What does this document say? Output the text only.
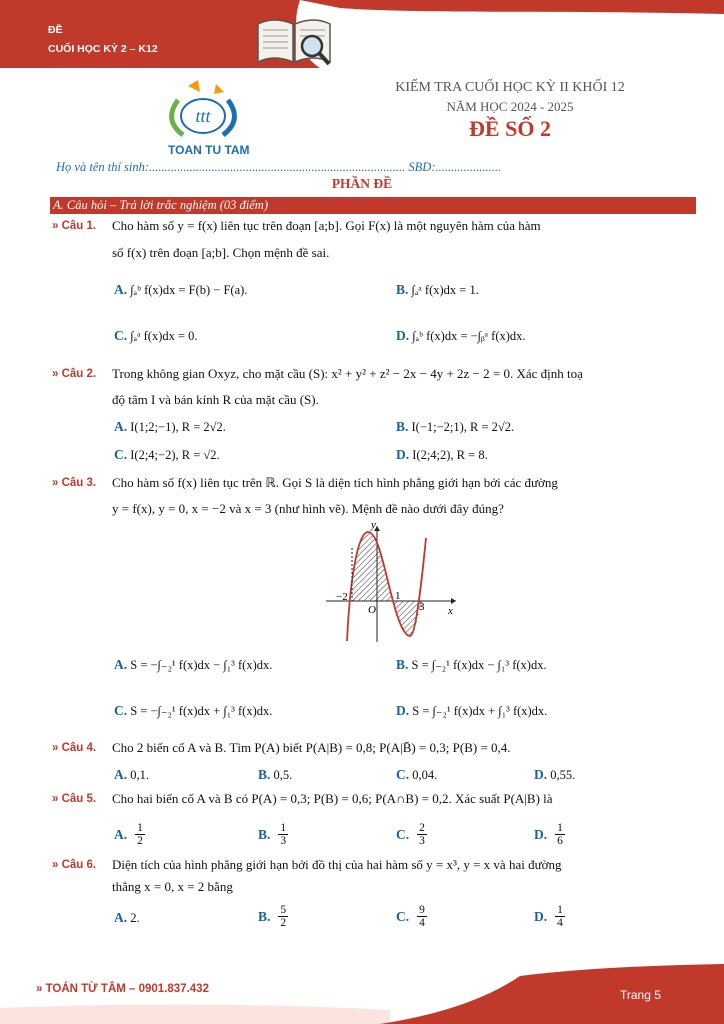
ĐỀ
CUỐI HỌC KỲ 2 – K12
ttt
TOAN TU TAM
KIỂM TRA CUỐI HỌC KỲ II KHỐI 12
NĂM HỌC 2024 - 2025
ĐỀ SỐ 2
Họ và tên thí sinh:.................................................................................. SBD:.....................
PHẦN ĐỀ
A. Câu hỏi – Trả lời trắc nghiệm (03 điểm)
» Câu 1. Cho hàm số y = f(x) liên tục trên đoạn [a;b]. Gọi F(x) là một nguyên hàm của hàm
số f(x) trên đoạn [a;b]. Chọn mệnh đề sai.
A. ∫ₐᵇ f(x)dx = F(b) − F(a).	B. ∫ₐᵃ f(x)dx = 1.
C. ∫ₐᵃ f(x)dx = 0.	D. ∫ₐᵇ f(x)dx = −∫ᵦᵃ f(x)dx.
» Câu 2. Trong không gian Oxyz, cho mặt cầu (S): x² + y² + z² − 2x − 4y + 2z − 2 = 0. Xác định toạ
độ tâm I và bán kính R của mặt cầu (S).
A. I(1;2;−1), R = 2√2.	B. I(−1;−2;1), R = 2√2.
C. I(2;4;−2), R = √2.	D. I(2;4;2), R = 8.
» Câu 3. Cho hàm số f(x) liên tục trên ℝ. Gọi S là diện tích hình phẳng giới hạn bởi các đường
y = f(x), y = 0, x = −2 và x = 3 (như hình vẽ). Mệnh đề nào dưới đây đúng?
y
x
O
−2	1
3
A. S = −∫₋₂¹ f(x)dx − ∫₁³ f(x)dx.	B. S = ∫₋₂¹ f(x)dx − ∫₁³ f(x)dx.
C. S = −∫₋₂¹ f(x)dx + ∫₁³ f(x)dx.	D. S = ∫₋₂¹ f(x)dx + ∫₁³ f(x)dx.
» Câu 4. Cho 2 biến cố A và B. Tìm P(A) biết P(A|B) = 0,8; P(A|B̄) = 0,3; P(B) = 0,4.
A. 0,1.	B. 0,5.	C. 0,04.	D. 0,55.
» Câu 5. Cho hai biến cố A và B có P(A) = 0,3; P(B) = 0,6; P(A∩B) = 0,2. Xác suất P(A|B) là
A. 1
2	B. 1
3	C. 2
3	D. 1
6
» Câu 6. Diện tích của hình phẳng giới hạn bởi đồ thị của hai hàm số y = x³, y = x và hai đường
thẳng x = 0, x = 2 bằng
A. 2.	B. 5
2	C. 9
4	D. 1
4
» TOÁN TỪ TÂM – 0901.837.432	Trang 5
